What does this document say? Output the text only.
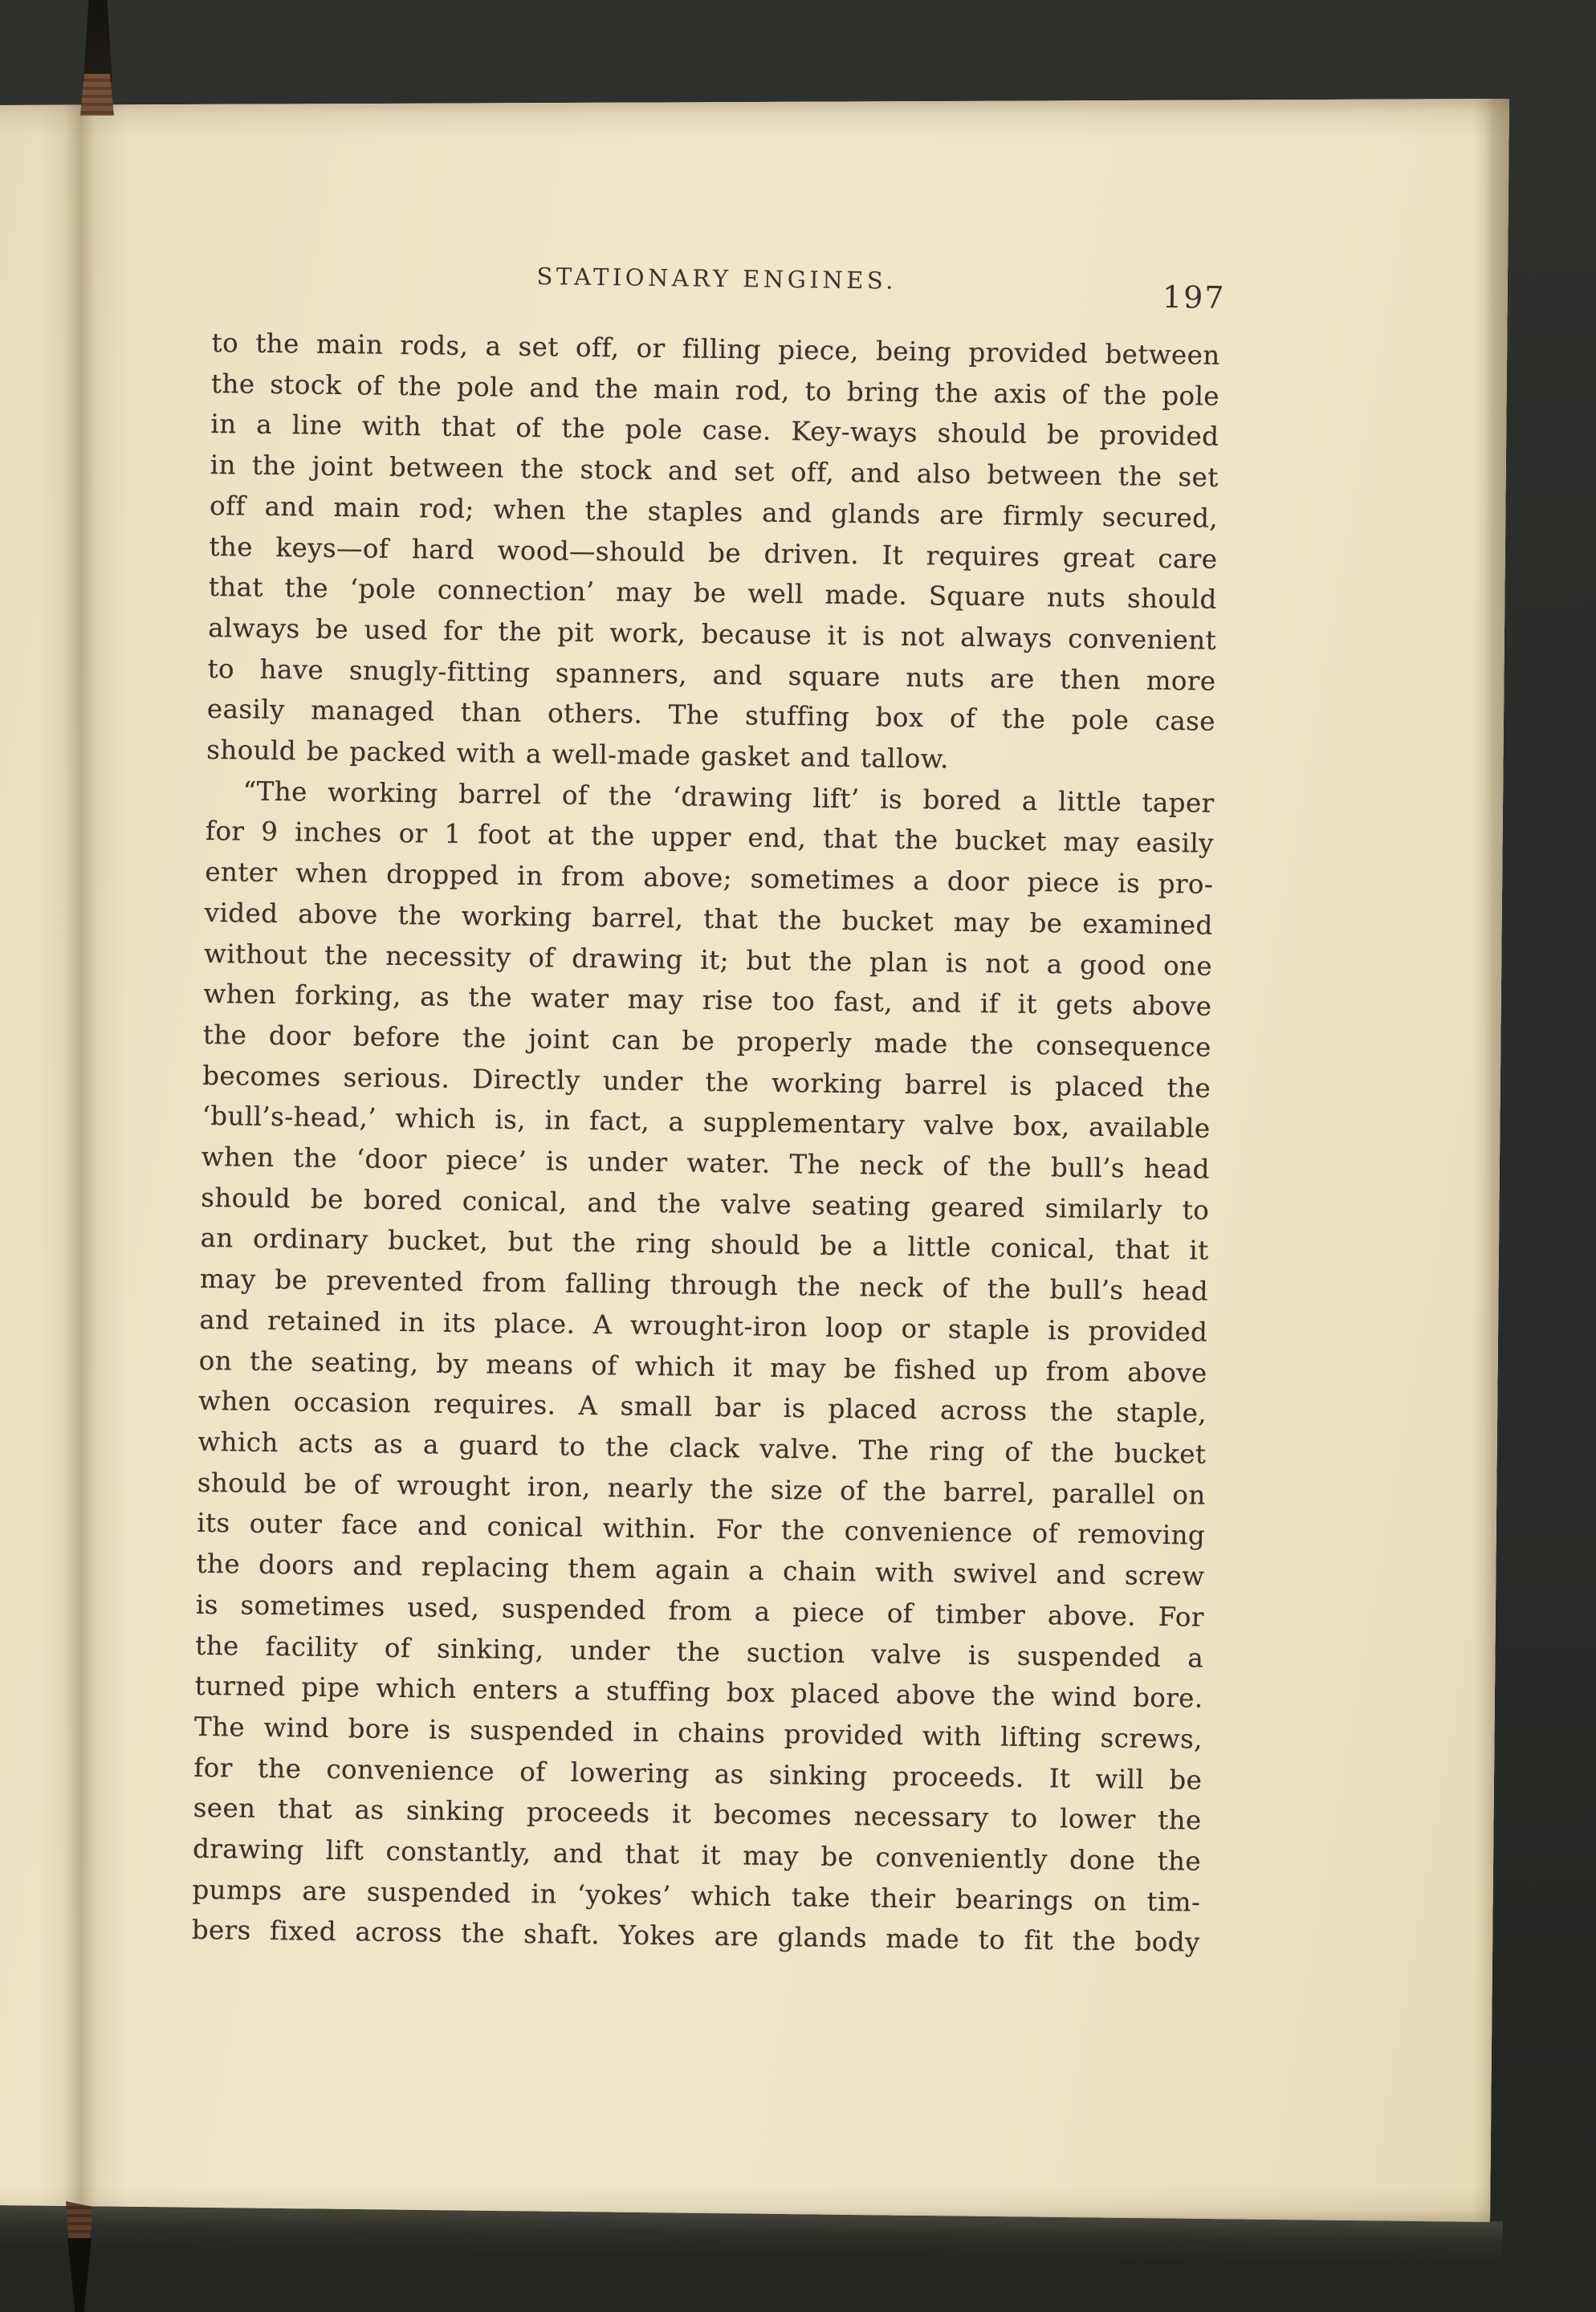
STATIONARY ENGINES.
197
to the main rods, a set off, or filling piece, being provided between
the stock of the pole and the main rod, to bring the axis of the pole
in a line with that of the pole case. Key-ways should be provided
in the joint between the stock and set off, and also between the set
off and main rod; when the staples and glands are firmly secured,
the keys—of hard wood—should be driven. It requires great care
that the ‘pole connection’ may be well made. Square nuts should
always be used for the pit work, because it is not always convenient
to have snugly-fitting spanners, and square nuts are then more
easily managed than others. The stuffing box of the pole case
should be packed with a well-made gasket and tallow.
“The working barrel of the ‘drawing lift’ is bored a little taper
for 9 inches or 1 foot at the upper end, that the bucket may easily
enter when dropped in from above; sometimes a door piece is pro-
vided above the working barrel, that the bucket may be examined
without the necessity of drawing it; but the plan is not a good one
when forking, as the water may rise too fast, and if it gets above
the door before the joint can be properly made the consequence
becomes serious. Directly under the working barrel is placed the
‘bull’s-head,’ which is, in fact, a supplementary valve box, available
when the ‘door piece’ is under water. The neck of the bull’s head
should be bored conical, and the valve seating geared similarly to
an ordinary bucket, but the ring should be a little conical, that it
may be prevented from falling through the neck of the bull’s head
and retained in its place. A wrought-iron loop or staple is provided
on the seating, by means of which it may be fished up from above
when occasion requires. A small bar is placed across the staple,
which acts as a guard to the clack valve. The ring of the bucket
should be of wrought iron, nearly the size of the barrel, parallel on
its outer face and conical within. For the convenience of removing
the doors and replacing them again a chain with swivel and screw
is sometimes used, suspended from a piece of timber above. For
the facility of sinking, under the suction valve is suspended a
turned pipe which enters a stuffing box placed above the wind bore.
The wind bore is suspended in chains provided with lifting screws,
for the convenience of lowering as sinking proceeds. It will be
seen that as sinking proceeds it becomes necessary to lower the
drawing lift constantly, and that it may be conveniently done the
pumps are suspended in ‘yokes’ which take their bearings on tim-
bers fixed across the shaft. Yokes are glands made to fit the body
